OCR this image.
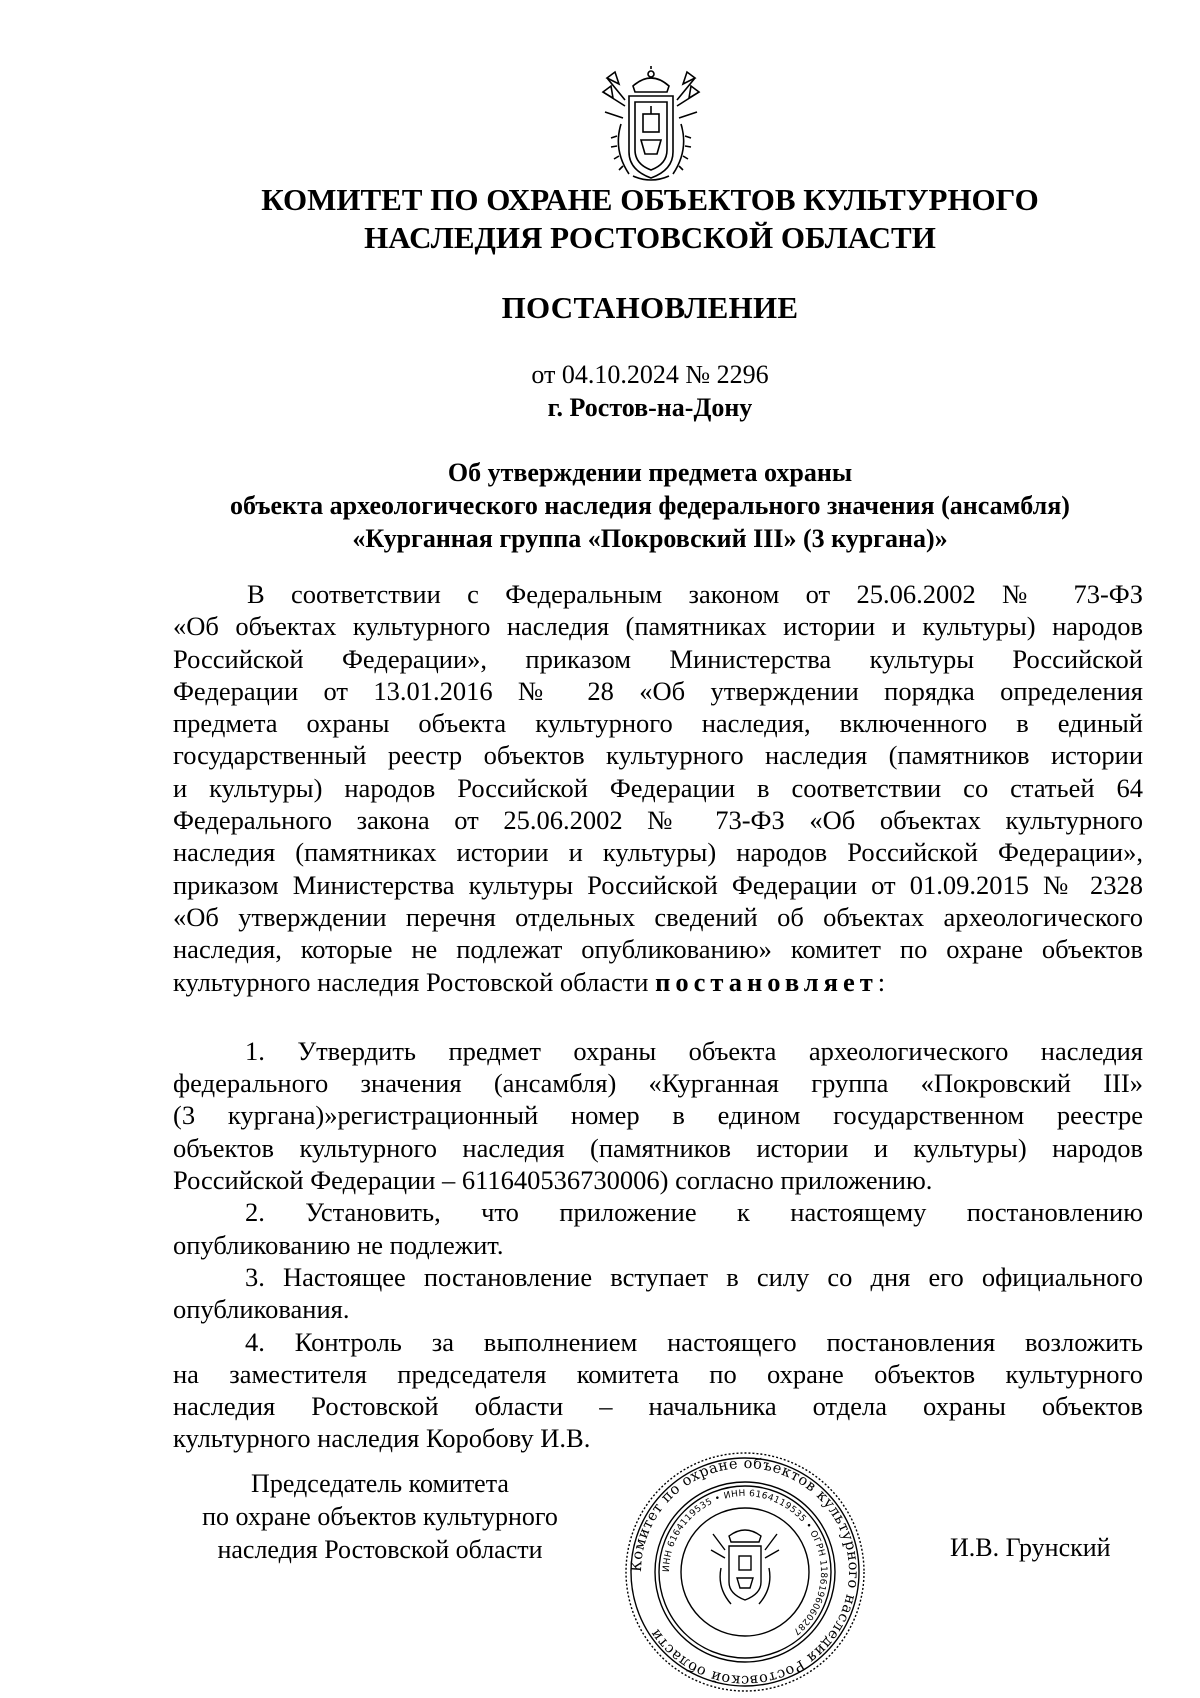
КОМИТЕТ ПО ОХРАНЕ ОБЪЕКТОВ КУЛЬТУРНОГО
НАСЛЕДИЯ РОСТОВСКОЙ ОБЛАСТИ
ПОСТАНОВЛЕНИЕ
от 04.10.2024 № 2296
г. Ростов-на-Дону
Об утверждении предмета охраны
объекта археологического наследия федерального значения (ансамбля)
«Курганная группа «Покровский III» (3 кургана)»
В соответствии с Федеральным законом от 25.06.2002 № 73-ФЗ
«Об объектах культурного наследия (памятниках истории и культуры) народов
Российской Федерации», приказом Министерства культуры Российской
Федерации от 13.01.2016 № 28 «Об утверждении порядка определения
предмета охраны объекта культурного наследия, включенного в единый
государственный реестр объектов культурного наследия (памятников истории
и культуры) народов Российской Федерации в соответствии со статьей 64
Федерального закона от 25.06.2002 № 73-ФЗ «Об объектах культурного
наследия (памятниках истории и культуры) народов Российской Федерации»,
приказом Министерства культуры Российской Федерации от 01.09.2015 № 2328
«Об утверждении перечня отдельных сведений об объектах археологического
наследия, которые не подлежат опубликованию» комитет по охране объектов
культурного наследия Ростовской области постановляет:
1. Утвердить предмет охраны объекта археологического наследия
федерального значения (ансамбля) «Курганная группа «Покровский III»
(3 кургана)»регистрационный номер в едином государственном реестре
объектов культурного наследия (памятников истории и культуры) народов
Российской Федерации – 611640536730006) согласно приложению.
2. Установить, что приложение к настоящему постановлению
опубликованию не подлежит.
3. Настоящее постановление вступает в силу со дня его официального
опубликования.
4. Контроль за выполнением настоящего постановления возложить
на заместителя председателя комитета по охране объектов культурного
наследия Ростовской области – начальника отдела охраны объектов
культурного наследия Коробову И.В.
Председатель комитета
по охране объектов культурного
наследия Ростовской области
Комитет по охране объектов культурного наследия Ростовской области
ИНН 6164119535 • ИНН 6164119535 • ОГРН 1186196060287
И.В. Грунский
